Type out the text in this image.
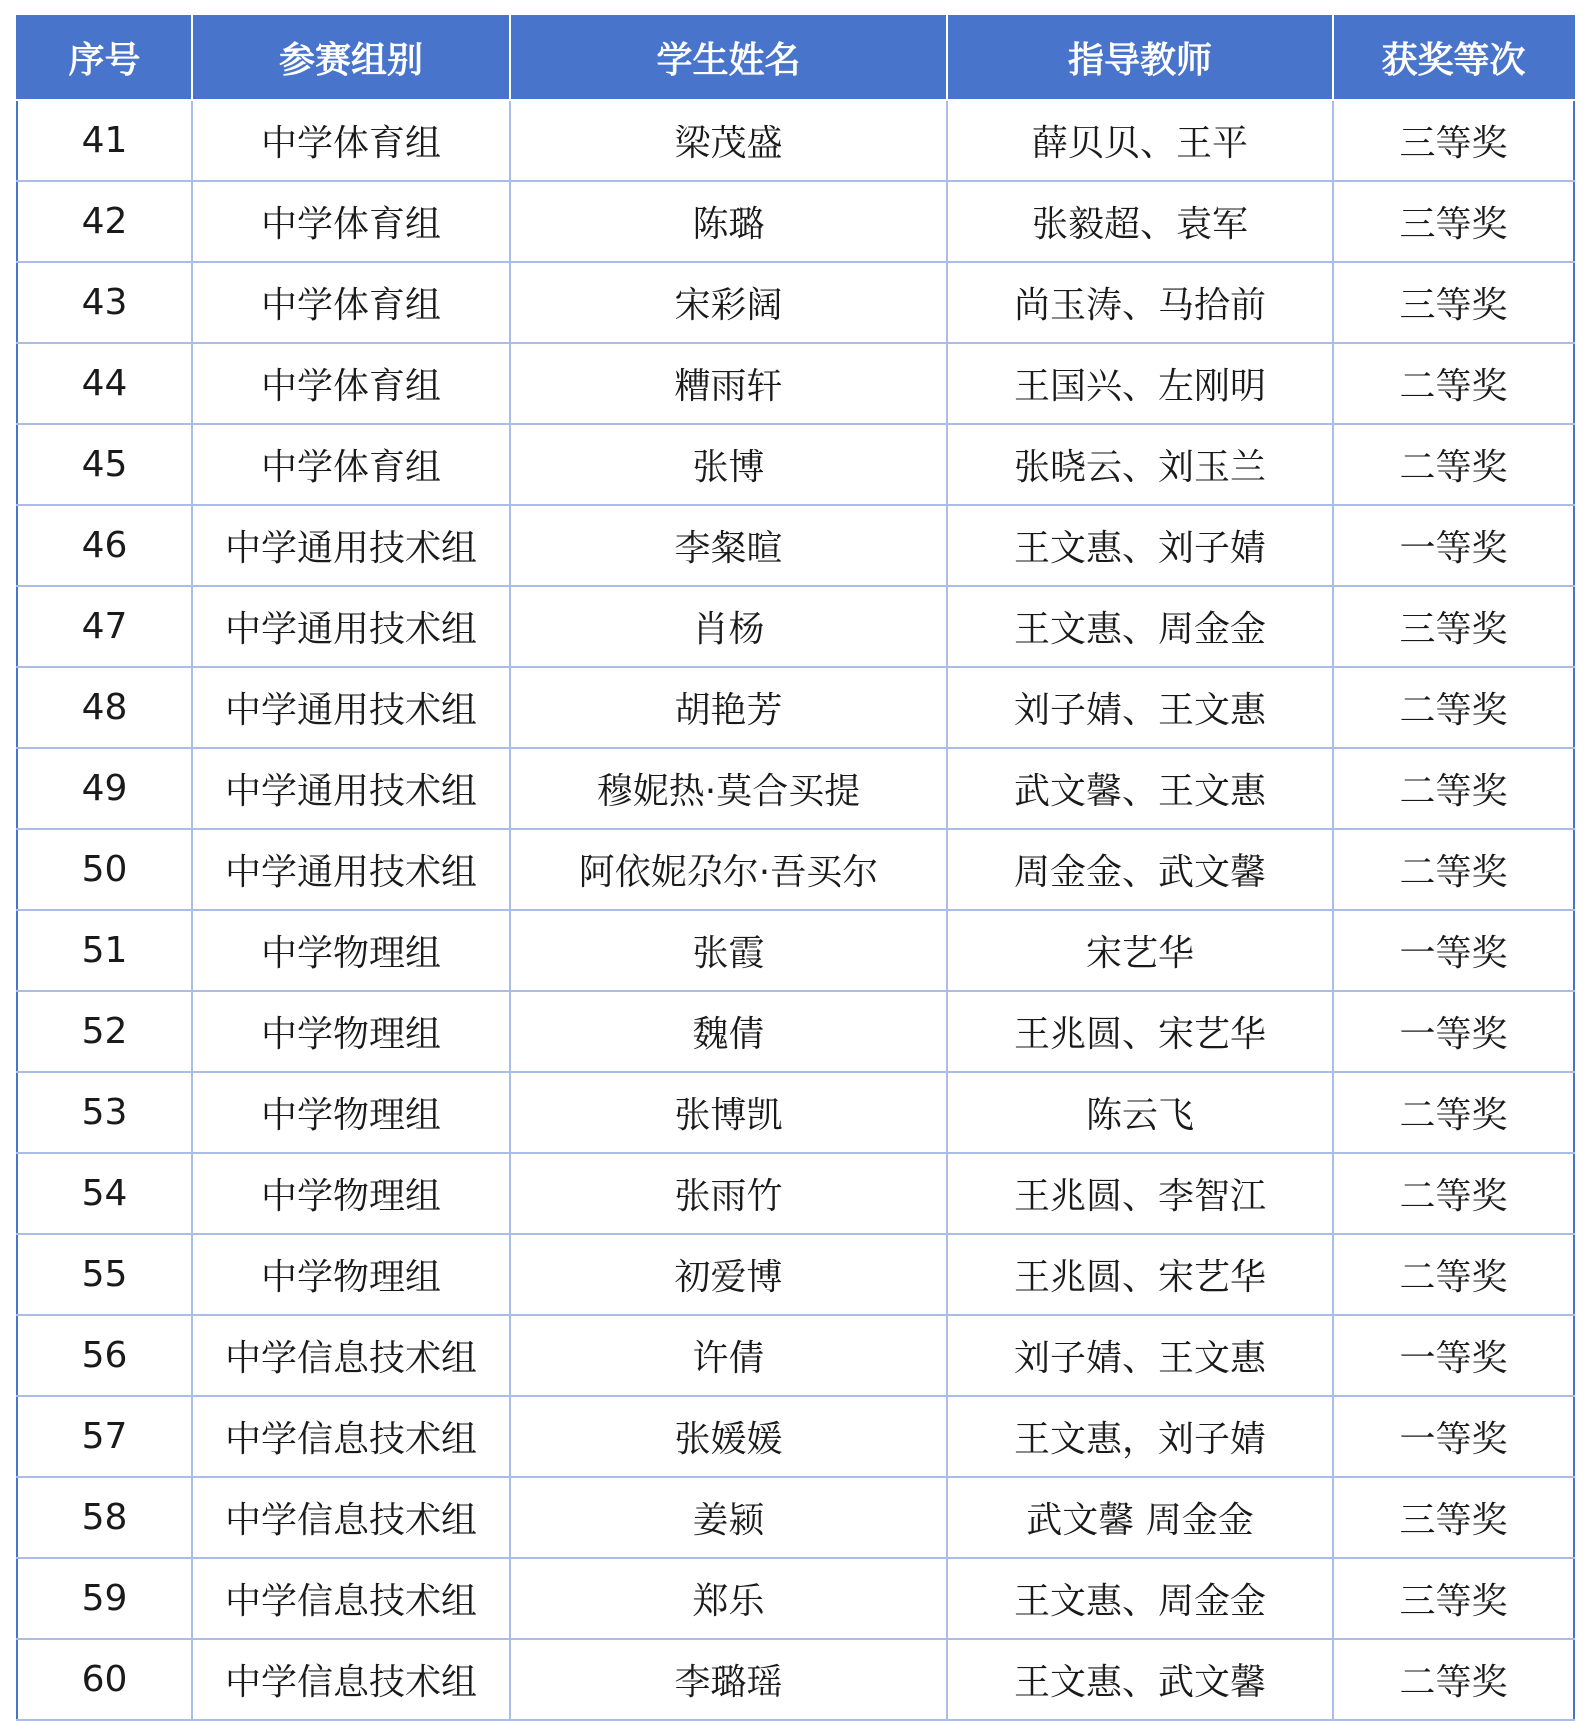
序号	参赛组别	学生姓名	指导教师	获奖等次
41	中学体育组	梁茂盛	薛贝贝、王平	三等奖
42	中学体育组	陈璐	张毅超、袁军	三等奖
43	中学体育组	宋彩阔	尚玉涛、马拾前	三等奖
44	中学体育组	糟雨轩	王国兴、左刚明	二等奖
45	中学体育组	张博	张晓云、刘玉兰	二等奖
46	中学通用技术组	李粲暄	王文惠、刘子婧	一等奖
47	中学通用技术组	肖杨	王文惠、周金金	三等奖
48	中学通用技术组	胡艳芳	刘子婧、王文惠	二等奖
49	中学通用技术组	穆妮热·莫合买提	武文馨、王文惠	二等奖
50	中学通用技术组	阿依妮尕尔·吾买尔	周金金、武文馨	二等奖
51	中学物理组	张霞	宋艺华	一等奖
52	中学物理组	魏倩	王兆圆、宋艺华	一等奖
53	中学物理组	张博凯	陈云飞	二等奖
54	中学物理组	张雨竹	王兆圆、李智江	二等奖
55	中学物理组	初爱博	王兆圆、宋艺华	二等奖
56	中学信息技术组	许倩	刘子婧、王文惠	一等奖
57	中学信息技术组	张媛媛	王文惠，刘子婧	一等奖
58	中学信息技术组	姜颍	武文馨 周金金	三等奖
59	中学信息技术组	郑乐	王文惠、周金金	三等奖
60	中学信息技术组	李璐瑶	王文惠、武文馨	二等奖
